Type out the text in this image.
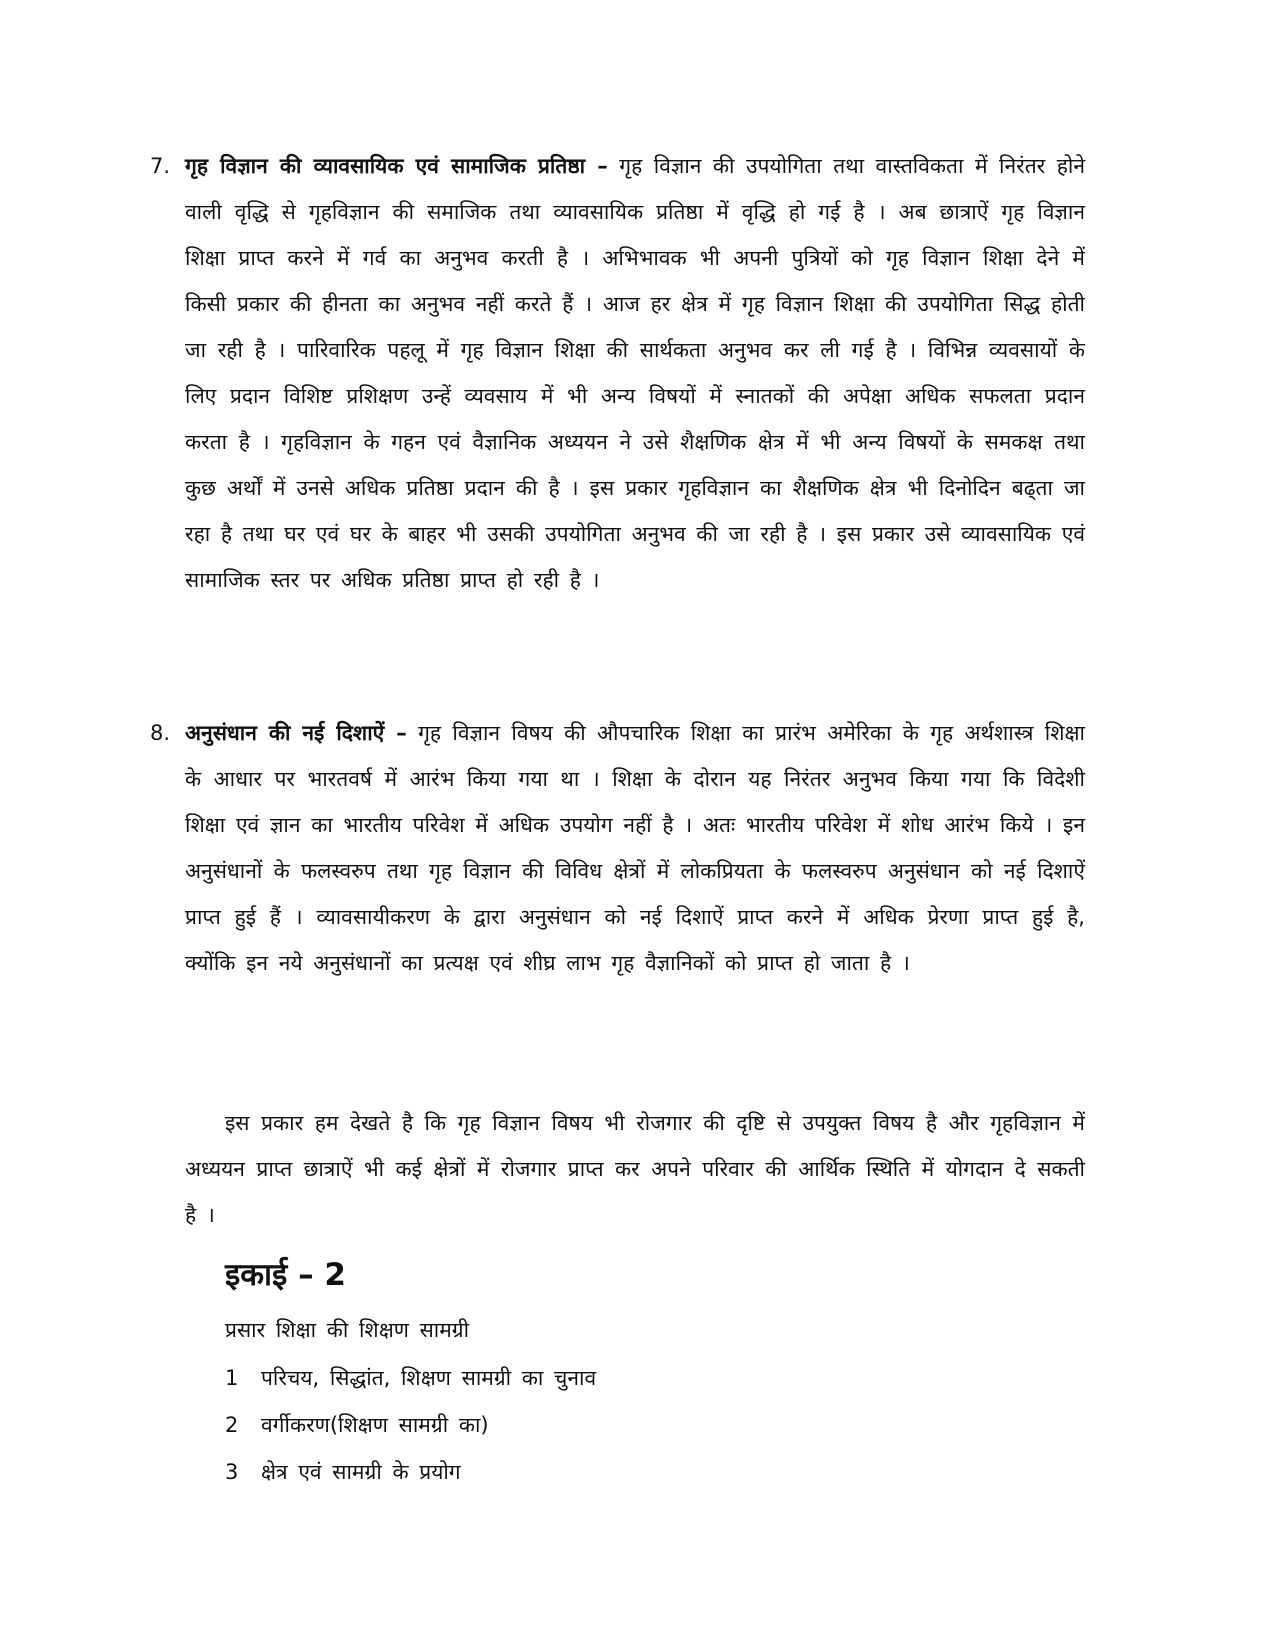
7. गृह विज्ञान की व्यावसायिक एवं सामाजिक प्रतिष्ठा – गृह विज्ञान की उपयोगिता तथा वास्तविकता में निरंतर होने वाली वृद्धि से गृहविज्ञान की समाजिक तथा व्यावसायिक प्रतिष्ठा में वृद्धि हो गई है । अब छात्राऐं गृह विज्ञान शिक्षा प्राप्त करने में गर्व का अनुभव करती है । अभिभावक भी अपनी पुत्रियों को गृह विज्ञान शिक्षा देने में किसी प्रकार की हीनता का अनुभव नहीं करते हैं । आज हर क्षेत्र में गृह विज्ञान शिक्षा की उपयोगिता सिद्ध होती जा रही है । पारिवारिक पहलू में गृह विज्ञान शिक्षा की सार्थकता अनुभव कर ली गई है । विभिन्न व्यवसायों के लिए प्रदान विशिष्ट प्रशिक्षण उन्हें व्यवसाय में भी अन्य विषयों में स्नातकों की अपेक्षा अधिक सफलता प्रदान करता है । गृहविज्ञान के गहन एवं वैज्ञानिक अध्ययन ने उसे शैक्षणिक क्षेत्र में भी अन्य विषयों के समकक्ष तथा कुछ अर्थों में उनसे अधिक प्रतिष्ठा प्रदान की है । इस प्रकार गृहविज्ञान का शैक्षणिक क्षेत्र भी दिनोदिन बढ्ता जा रहा है तथा घर एवं घर के बाहर भी उसकी उपयोगिता अनुभव की जा रही है । इस प्रकार उसे व्यावसायिक एवं सामाजिक स्तर पर अधिक प्रतिष्ठा प्राप्त हो रही है ।
8. अनुसंधान की नई दिशाऐं – गृह विज्ञान विषय की औपचारिक शिक्षा का प्रारंभ अमेरिका के गृह अर्थशास्त्र शिक्षा के आधार पर भारतवर्ष में आरंभ किया गया था । शिक्षा के दोरान यह निरंतर अनुभव किया गया कि विदेशी शिक्षा एवं ज्ञान का भारतीय परिवेश में अधिक उपयोग नहीं है । अतः भारतीय परिवेश में शोध आरंभ किये । इन अनुसंधानों के फलस्वरुप तथा गृह विज्ञान की विविध क्षेत्रों में लोकप्रियता के फलस्वरुप अनुसंधान को नई दिशाऐं प्राप्त हुई हैं । व्यावसायीकरण के द्वारा अनुसंधान को नई दिशाऐं प्राप्त करने में अधिक प्रेरणा प्राप्त हुई है, क्योंकि इन नये अनुसंधानों का प्रत्यक्ष एवं शीघ्र लाभ गृह वैज्ञानिकों को प्राप्त हो जाता है ।
इस प्रकार हम देखते है कि गृह विज्ञान विषय भी रोजगार की दृष्टि से उपयुक्त विषय है और गृहविज्ञान में अध्ययन प्राप्त छात्राऐं भी कई क्षेत्रों में रोजगार प्राप्त कर अपने परिवार की आर्थिक स्थिति में योगदान दे सकती है ।
इकाई – 2
प्रसार शिक्षा की शिक्षण सामग्री
1 परिचय, सिद्धांत, शिक्षण सामग्री का चुनाव
2 वर्गीकरण(शिक्षण सामग्री का)
3 क्षेत्र एवं सामग्री के प्रयोग
